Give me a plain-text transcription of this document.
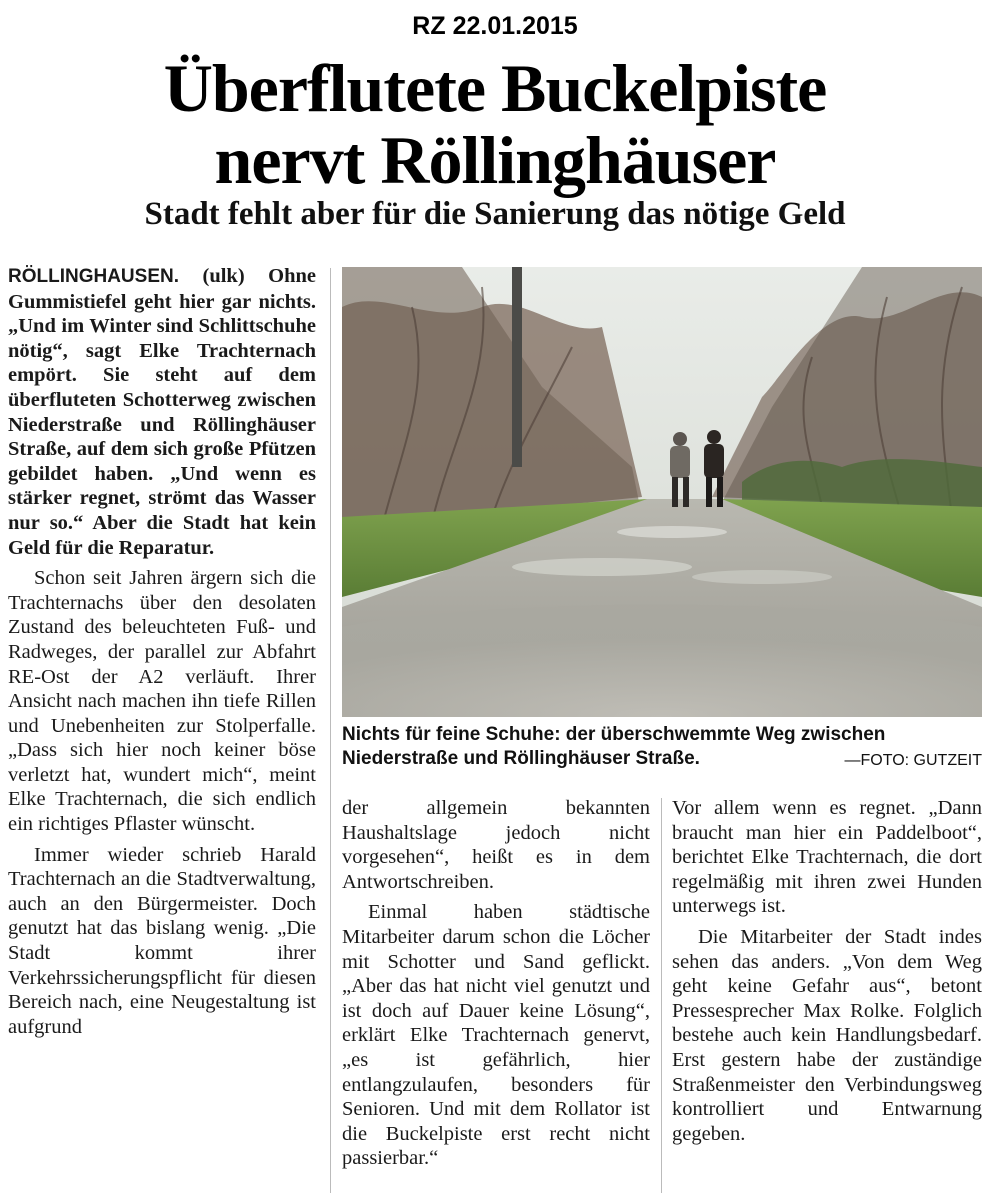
RZ 22.01.2015
Überflutete Buckelpiste
nervt Röllinghäuser
Stadt fehlt aber für die Sanierung das nötige Geld

RÖLLINGHAUSEN. (ulk) Ohne Gummistiefel geht hier gar nichts. „Und im Winter sind Schlittschuhe nötig“, sagt Elke Trachternach empört. Sie steht auf dem überfluteten Schotterweg zwischen Niederstraße und Röllinghäuser Straße, auf dem sich große Pfützen gebildet haben. „Und wenn es stärker regnet, strömt das Wasser nur so.“ Aber die Stadt hat kein Geld für die Reparatur.

Schon seit Jahren ärgern sich die Trachternachs über den desolaten Zustand des beleuchteten Fuß- und Radweges, der parallel zur Abfahrt RE-Ost der A2 verläuft. Ihrer Ansicht nach machen ihn tiefe Rillen und Unebenheiten zur Stolperfalle. „Dass sich hier noch keiner böse verletzt hat, wundert mich“, meint Elke Trachternach, die sich endlich ein richtiges Pflaster wünscht.

Immer wieder schrieb Harald Trachternach an die Stadtverwaltung, auch an den Bürgermeister. Doch genutzt hat das bislang wenig. „Die Stadt kommt ihrer Verkehrssicherungspflicht für diesen Bereich nach, eine Neugestaltung ist aufgrund

Nichts für feine Schuhe: der überschwemmte Weg zwischen Niederstraße und Röllinghäuser Straße.	—FOTO: GUTZEIT

der allgemein bekannten Haushaltslage jedoch nicht vorgesehen“, heißt es in dem Antwortschreiben.

Einmal haben städtische Mitarbeiter darum schon die Löcher mit Schotter und Sand geflickt. „Aber das hat nicht viel genutzt und ist doch auf Dauer keine Lösung“, erklärt Elke Trachternach genervt, „es ist gefährlich, hier entlangzulaufen, besonders für Senioren. Und mit dem Rollator ist die Buckelpiste erst recht nicht passierbar.“

Vor allem wenn es regnet. „Dann braucht man hier ein Paddelboot“, berichtet Elke Trachternach, die dort regelmäßig mit ihren zwei Hunden unterwegs ist.

Die Mitarbeiter der Stadt indes sehen das anders. „Von dem Weg geht keine Gefahr aus“, betont Pressesprecher Max Rolke. Folglich bestehe auch kein Handlungsbedarf. Erst gestern habe der zuständige Straßenmeister den Verbindungsweg kontrolliert und Entwarnung gegeben.
